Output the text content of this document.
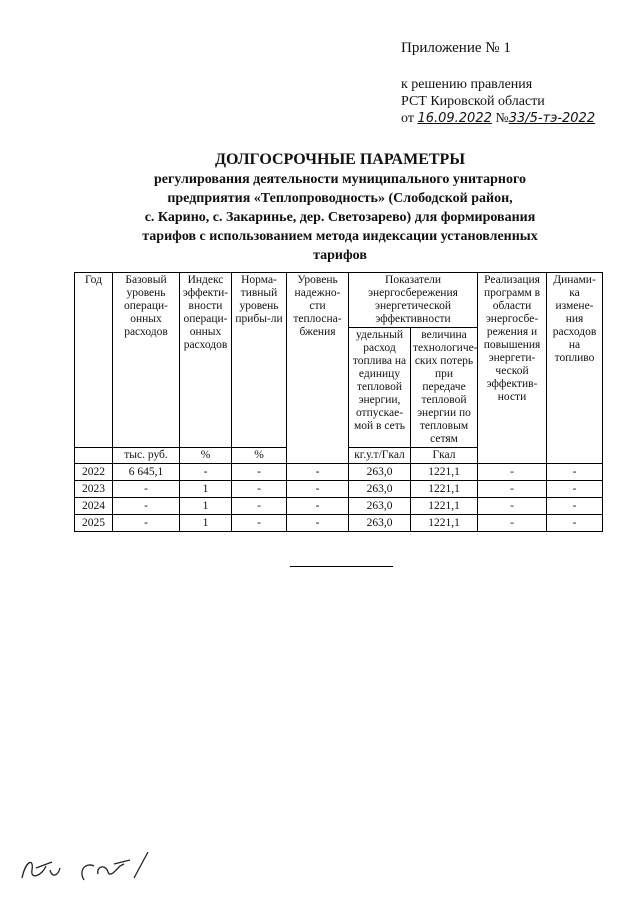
Приложение № 1
к решению правления
РСТ Кировской области
от 16.09.2022 №33/5-тэ-2022
ДОЛГОСРОЧНЫЕ ПАРАМЕТРЫ
регулирования деятельности муниципального унитарного
предприятия «Теплопроводность» (Слободской район,
с. Карино, с. Закаринье, дер. Светозарево) для формирования
тарифов с использованием метода индексации установленных
тарифов
Год	Базовый уровень операци-онных расходов	Индекс эффекти-вности операци-онных расходов	Норма-тивный уровень прибы-ли	Уровень надежно-сти теплосна-бжения	Показатели энергосбережения энергетической эффективности		Реализация программ в области энергосбе-режения и повышения энергети-ческой эффектив-ности	Динами-ка измене-ния расходов на топливо
					удельный расход топлива на единицу тепловой энергии, отпускае-мой в сеть	величина технологиче-ских потерь при передаче тепловой энергии по тепловым сетям		
	тыс. руб.	%	%		кг.у.т/Гкал	Гкал		
2022	6 645,1	-	-	-	263,0	1221,1	-	-
2023	-	1	-	-	263,0	1221,1	-	-
2024	-	1	-	-	263,0	1221,1	-	-
2025	-	1	-	-	263,0	1221,1	-	-
